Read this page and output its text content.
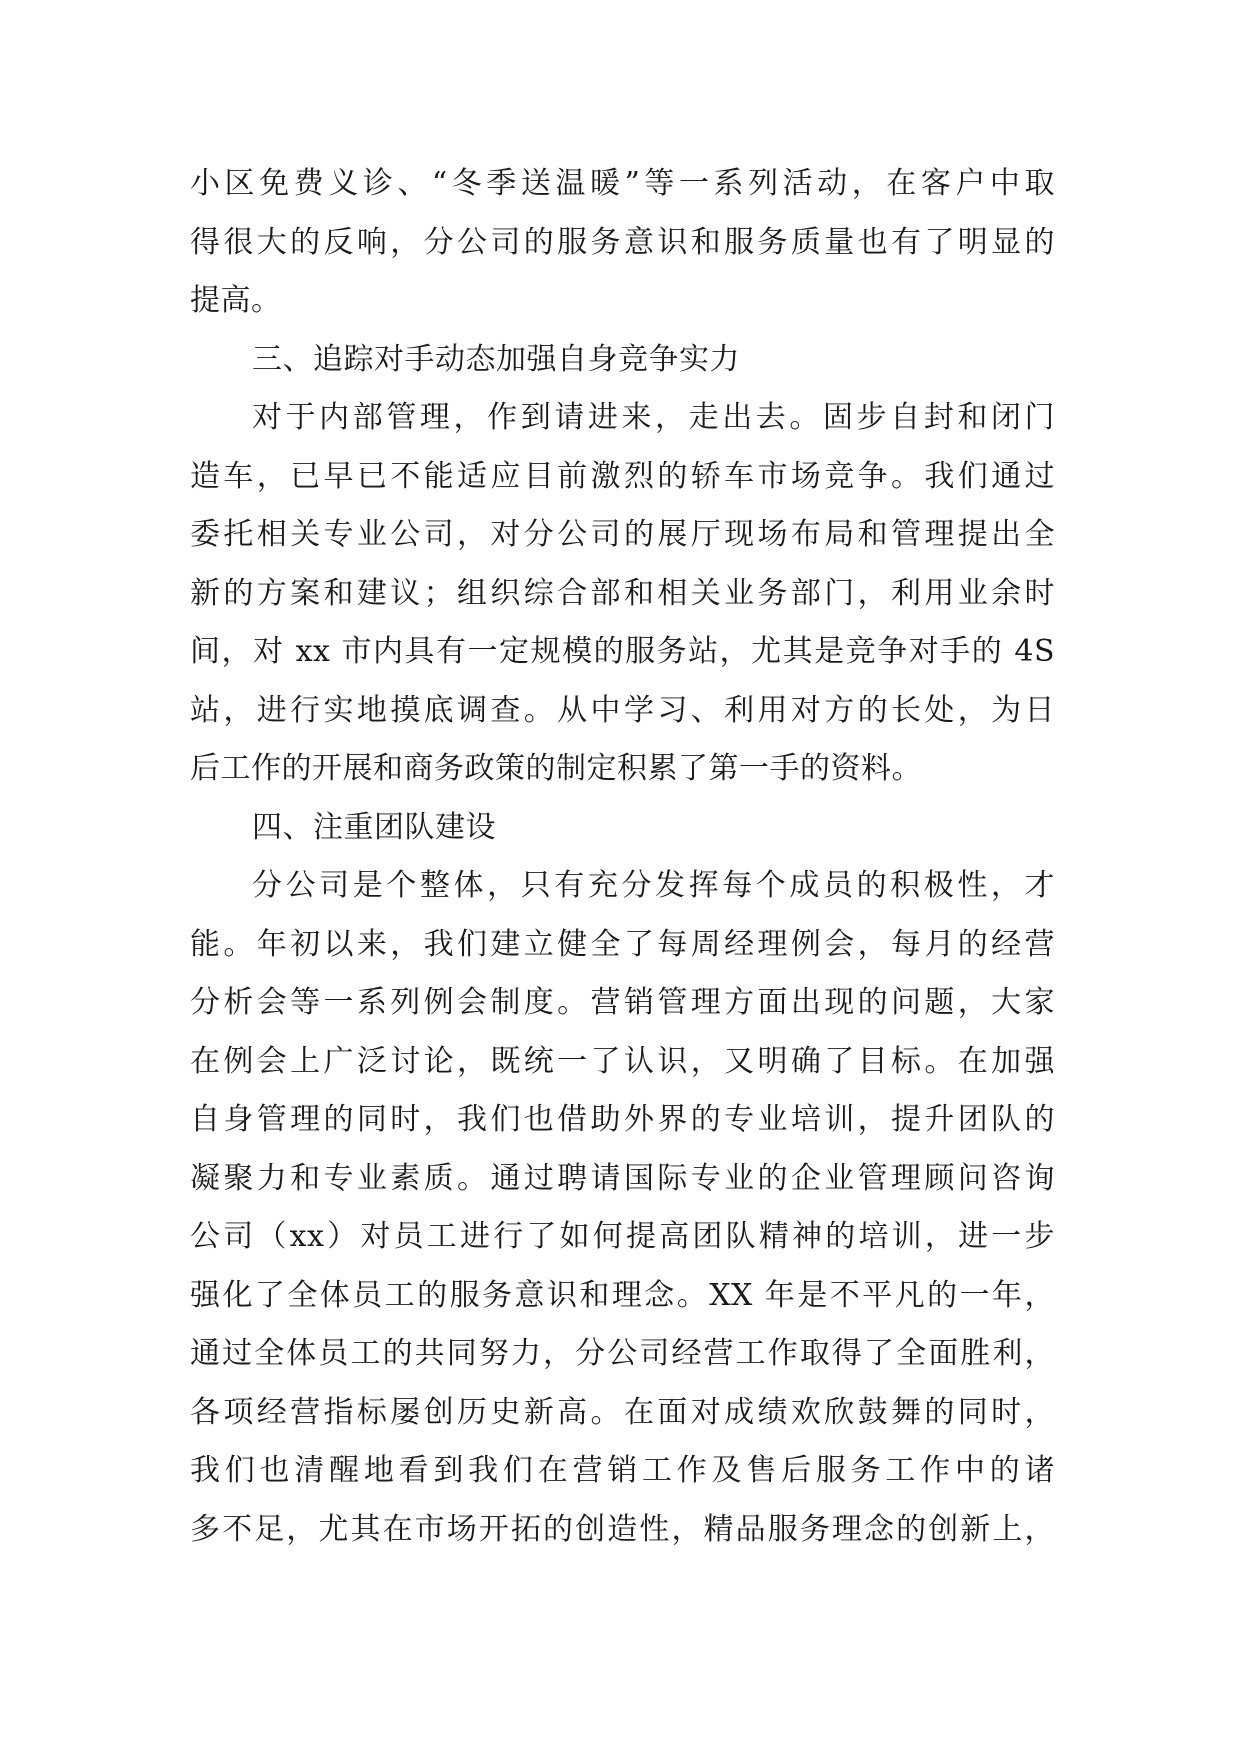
小区免费义诊、“冬季送温暖”等一系列活动，在客户中取
得很大的反响，分公司的服务意识和服务质量也有了明显的
提高。
三、追踪对手动态加强自身竞争实力
对于内部管理，作到请进来，走出去。固步自封和闭门
造车，已早已不能适应目前激烈的轿车市场竞争。我们通过
委托相关专业公司，对分公司的展厅现场布局和管理提出全
新的方案和建议；组织综合部和相关业务部门，利用业余时
间，对 xx 市内具有一定规模的服务站，尤其是竞争对手的 4S
站，进行实地摸底调查。从中学习、利用对方的长处，为日
后工作的开展和商务政策的制定积累了第一手的资料。
四、注重团队建设
分公司是个整体，只有充分发挥每个成员的积极性，才
能。年初以来，我们建立健全了每周经理例会，每月的经营
分析会等一系列例会制度。营销管理方面出现的问题，大家
在例会上广泛讨论，既统一了认识，又明确了目标。在加强
自身管理的同时，我们也借助外界的专业培训，提升团队的
凝聚力和专业素质。通过聘请国际专业的企业管理顾问咨询
公司（xx）对员工进行了如何提高团队精神的培训，进一步
强化了全体员工的服务意识和理念。XX 年是不平凡的一年，
通过全体员工的共同努力，分公司经营工作取得了全面胜利，
各项经营指标屡创历史新高。在面对成绩欢欣鼓舞的同时，
我们也清醒地看到我们在营销工作及售后服务工作中的诸
多不足，尤其在市场开拓的创造性，精品服务理念的创新上，
